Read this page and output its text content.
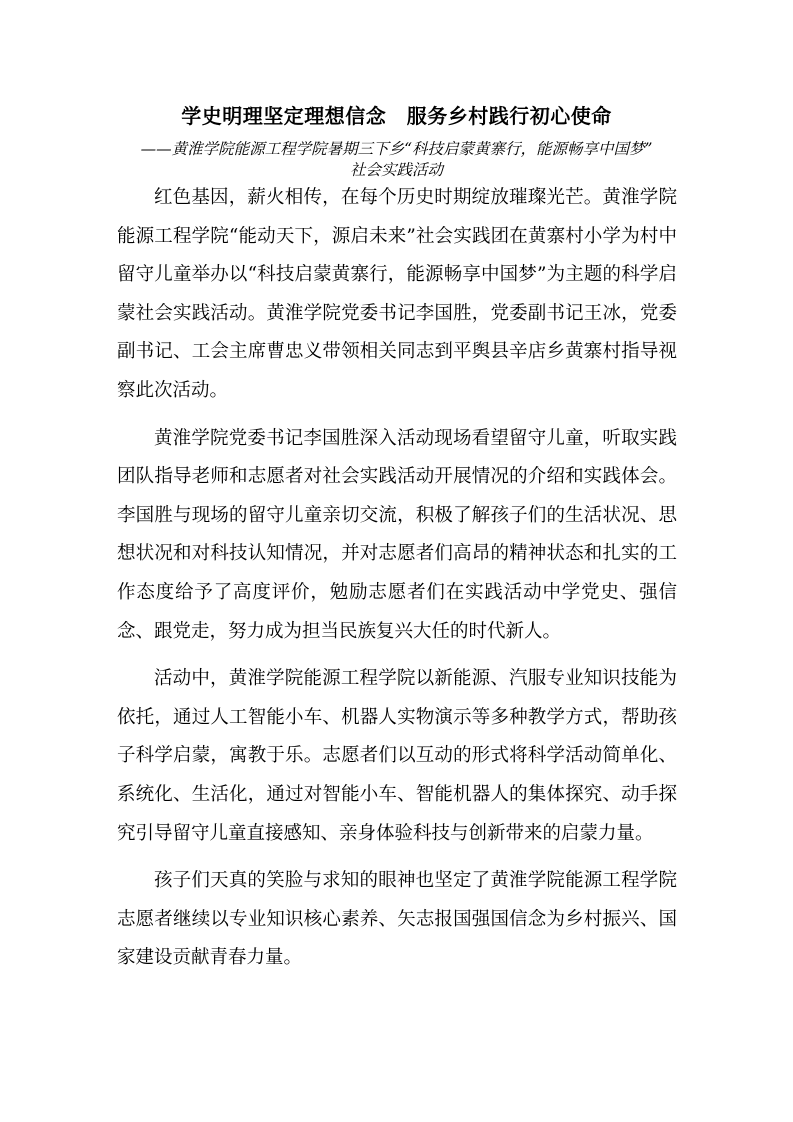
学史明理坚定理想信念　服务乡村践行初心使命
——黄淮学院能源工程学院暑期三下乡“科技启蒙黄寨行，能源畅享中国梦”
社会实践活动

红色基因，薪火相传，在每个历史时期绽放璀璨光芒。黄淮学院能源工程学院“能动天下，源启未来”社会实践团在黄寨村小学为村中留守儿童举办以“科技启蒙黄寨行，能源畅享中国梦”为主题的科学启蒙社会实践活动。黄淮学院党委书记李国胜，党委副书记王冰，党委副书记、工会主席曹忠义带领相关同志到平舆县辛店乡黄寨村指导视察此次活动。

黄淮学院党委书记李国胜深入活动现场看望留守儿童，听取实践团队指导老师和志愿者对社会实践活动开展情况的介绍和实践体会。李国胜与现场的留守儿童亲切交流，积极了解孩子们的生活状况、思想状况和对科技认知情况，并对志愿者们高昂的精神状态和扎实的工作态度给予了高度评价，勉励志愿者们在实践活动中学党史、强信念、跟党走，努力成为担当民族复兴大任的时代新人。

活动中，黄淮学院能源工程学院以新能源、汽服专业知识技能为依托，通过人工智能小车、机器人实物演示等多种教学方式，帮助孩子科学启蒙，寓教于乐。志愿者们以互动的形式将科学活动简单化、系统化、生活化，通过对智能小车、智能机器人的集体探究、动手探究引导留守儿童直接感知、亲身体验科技与创新带来的启蒙力量。

孩子们天真的笑脸与求知的眼神也坚定了黄淮学院能源工程学院志愿者继续以专业知识核心素养、矢志报国强国信念为乡村振兴、国家建设贡献青春力量。
